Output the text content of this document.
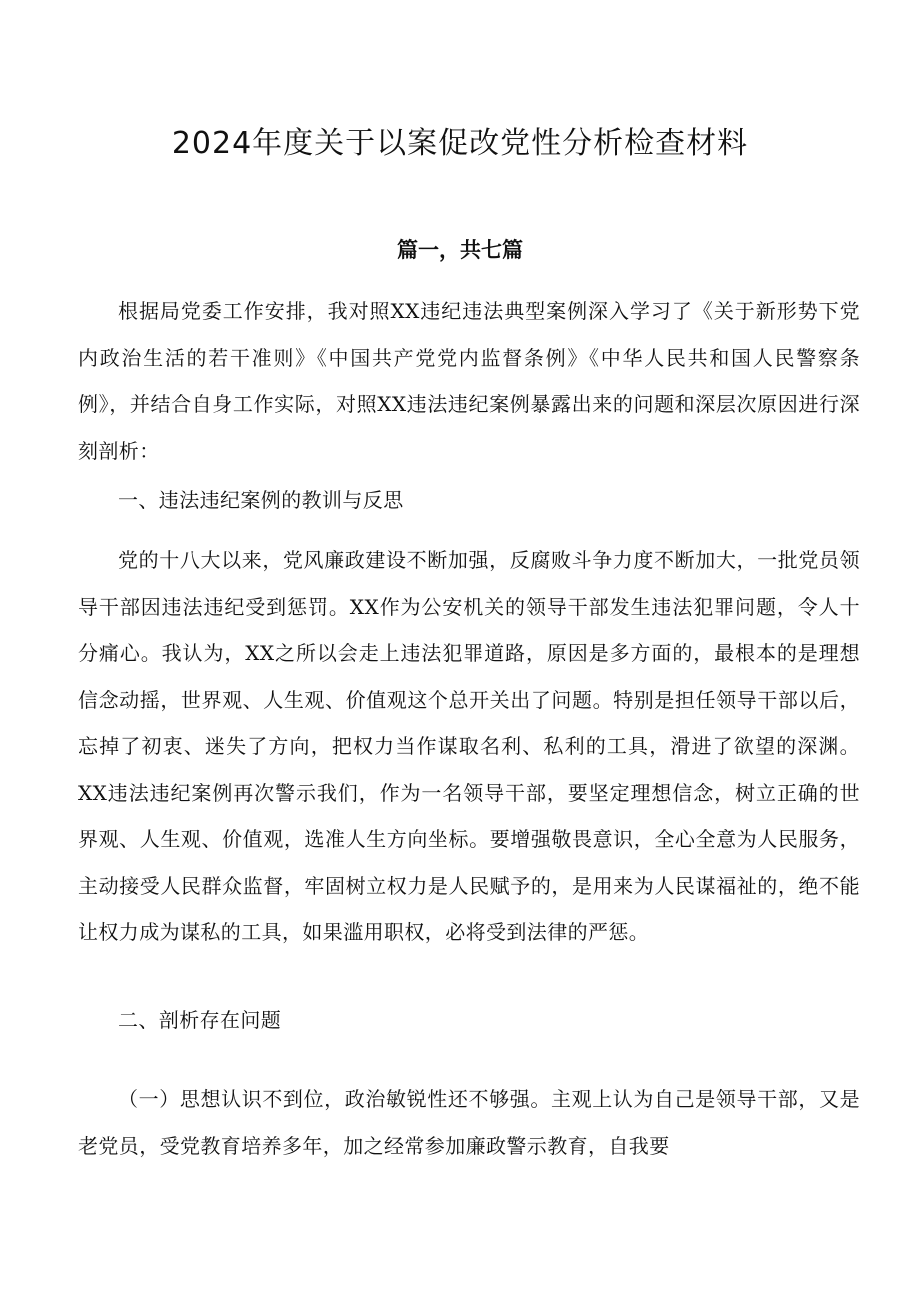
2024年度关于以案促改党性分析检查材料
篇一，共七篇

根据局党委工作安排，我对照XX违纪违法典型案例深入学习了《关于新形势下党内政治生活的若干准则》《中国共产党党内监督条例》《中华人民共和国人民警察条例》，并结合自身工作实际，对照XX违法违纪案例暴露出来的问题和深层次原因进行深刻剖析：

一、违法违纪案例的教训与反思

党的十八大以来，党风廉政建设不断加强，反腐败斗争力度不断加大，一批党员领导干部因违法违纪受到惩罚。XX作为公安机关的领导干部发生违法犯罪问题，令人十分痛心。我认为，XX之所以会走上违法犯罪道路，原因是多方面的，最根本的是理想信念动摇，世界观、人生观、价值观这个总开关出了问题。特别是担任领导干部以后，忘掉了初衷、迷失了方向，把权力当作谋取名利、私利的工具，滑进了欲望的深渊。XX违法违纪案例再次警示我们，作为一名领导干部，要坚定理想信念，树立正确的世界观、人生观、价值观，选准人生方向坐标。要增强敬畏意识，全心全意为人民服务，主动接受人民群众监督，牢固树立权力是人民赋予的，是用来为人民谋福祉的，绝不能让权力成为谋私的工具，如果滥用职权，必将受到法律的严惩。

二、剖析存在问题

（一）思想认识不到位，政治敏锐性还不够强。主观上认为自己是领导干部，又是老党员，受党教育培养多年，加之经常参加廉政警示教育，自我要
